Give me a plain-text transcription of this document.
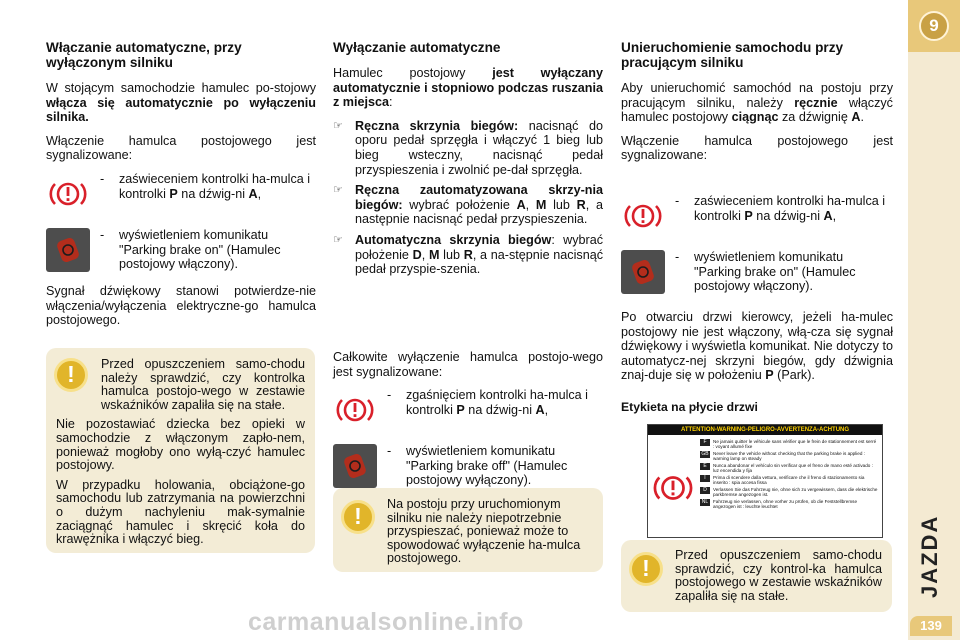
9
JAZDA
139
Włączanie automatyczne, przy wyłączonym silniku

W stojącym samochodzie hamulec po-stojowy włącza się automatycznie po wyłączeniu silnika.

Włączenie hamulca postojowego jest sygnalizowane:

-	zaświeceniem kontrolki ha-mulca i kontrolki P na dźwig-ni A,
-	wyświetleniem komunikatu "Parking brake on" (Hamulec postojowy włączony).

Sygnał dźwiękowy stanowi potwierdze-nie włączenia/wyłączenia elektryczne-go hamulca postojowego.

!	Przed opuszczeniem samo-chodu należy sprawdzić, czy kontrolka hamulca postojo-wego w zestawie wskaźników zapaliła się na stałe.

Nie pozostawiać dziecka bez opieki w samochodzie z włączonym zapło-nem, ponieważ mogłoby ono wyłą-czyć hamulec postojowy.

W przypadku holowania, obciążone-go samochodu lub zatrzymania na powierzchni o dużym nachyleniu mak-symalnie zaciągnąć hamulec i skręcić koła do krawężnika i włączyć bieg.

Wyłączanie automatyczne

Hamulec postojowy jest wyłączany automatycznie i stopniowo podczas ruszania z miejsca:

☞ Ręczna skrzynia biegów: nacisnąć do oporu pedał sprzęgła i włączyć 1 bieg lub bieg wsteczny, nacisnąć pedał przyspieszenia i zwolnić pe-dał sprzęgła.
☞ Ręczna zautomatyzowana skrzy-nia biegów: wybrać położenie A, M lub R, a następnie nacisnąć pedał przyspieszenia.
☞ Automatyczna skrzynia biegów: wybrać położenie D, M lub R, a na-stępnie nacisnąć pedał przyspie-szenia.

Całkowite wyłączenie hamulca postojo-wego jest sygnalizowane:

-	zgaśnięciem kontrolki ha-mulca i kontrolki P na dźwig-ni A,
-	wyświetleniem komunikatu "Parking brake off" (Hamulec postojowy wyłączony).
!	Na postoju przy uruchomionym silniku nie należy niepotrzebnie przyspieszać, ponieważ może to spowodować wyłączenie ha-mulca postojowego.

Unieruchomienie samochodu przy pracującym silniku

Aby unieruchomić samochód na postoju przy pracującym silniku, należy ręcznie włączyć hamulec postojowy ciągnąc za dźwignię A.

Włączenie hamulca postojowego jest sygnalizowane:

-	zaświeceniem kontrolki ha-mulca i kontrolki P na dźwig-ni A,
-	wyświetleniem komunikatu "Parking brake on" (Hamulec postojowy włączony).

Po otwarciu drzwi kierowcy, jeżeli ha-mulec postojowy nie jest włączony, włą-cza się sygnał dźwiękowy i wyświetla komunikat. Nie dotyczy to automatycz-nej skrzyni biegów, gdy dźwignia znaj-duje się w położeniu P (Park).

Etykieta na płycie drzwi
ATTENTION-WARNING-PELIGRO-AVVERTENZA-ACHTUNG
F	Ne jamais quitter le véhicule sans vérifier que le frein de stationnement est serré : voyant allumé fixe
GB Never leave the vehicle without checking that the parking brake is applied : warning lamp on steady
E	Nunca abandonar el vehículo sin verificar que el freno de mano esté activado : luz encendida y fija
I	Prima di scendere dalla vettura, verificare che il freno di stazionamento sia inserito : spia accesa fissa
D	Verlassen Sie das Fahrzeug nie, ohne sich zu vergewissern, dass die elektrische parkbremse angezogen ist.
NL	Fahrzeug nie verlassen, ohne vorher zu prüfen, ob die Feststellbremse angezogen ist : leuchte leuchtet
!

Przed opuszczeniem samo-chodu sprawdzić, czy kontrol-ka hamulca postojowego w zestawie wskaźników zapaliła się na stałe.

carmanualsonline.info
